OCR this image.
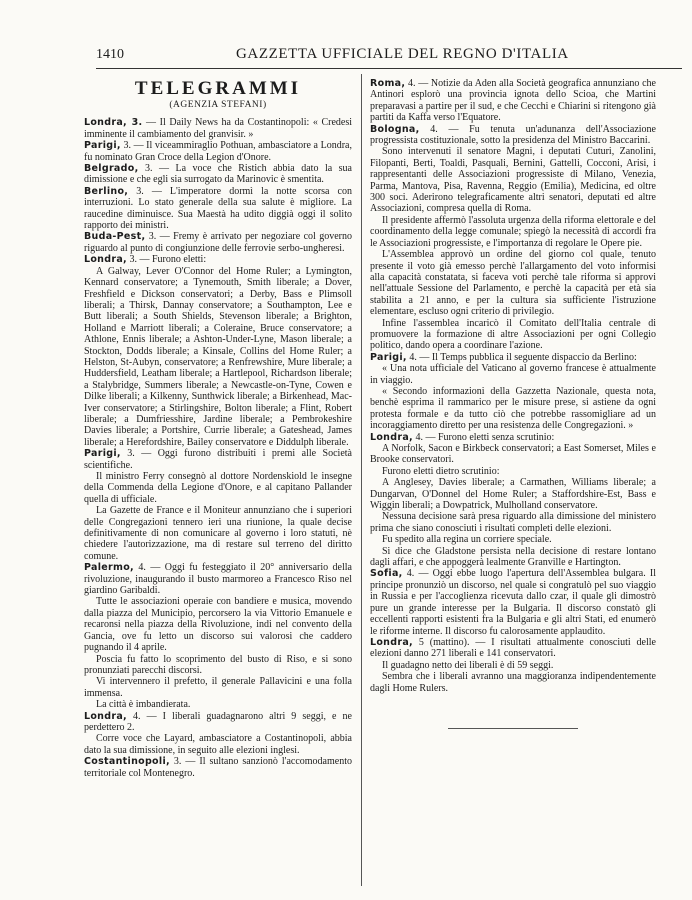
1410	GAZZETTA UFFICIALE DEL REGNO D'ITALIA
TELEGRAMMI
(AGENZIA STEFANI)

Londra, 3. — Il Daily News ha da Costantinopoli: « Credesi imminente il cambiamento del granvisir. »

Parigi, 3. — Il viceammiraglio Pothuan, ambasciatore a Londra, fu nominato Gran Croce della Legion d'Onore.

Belgrado, 3. — La voce che Ristich abbia dato la sua dimissione e che egli sia surrogato da Marinovic è smentita.

Berlino, 3. — L'imperatore dormì la notte scorsa con interruzioni. Lo stato generale della sua salute è migliore. La raucedine diminuisce. Sua Maestà ha udito diggià oggi il solito rapporto dei ministri.

Buda-Pest, 3. — Fremy è arrivato per negoziare col governo riguardo al punto di congiunzione delle ferrovie serbo-ungheresi.

Londra, 3. — Furono eletti:

A Galway, Lever O'Connor del Home Ruler; a Lymington, Kennard conservatore; a Tynemouth, Smith liberale; a Dover, Freshfield e Dickson conservatori; a Derby, Bass e Plimsoll liberali; a Thirsk, Dannay conservatore; a Southampton, Lee e Butt liberali; a South Shields, Stevenson liberale; a Brighton, Holland e Marriott liberali; a Coleraine, Bruce conservatore; a Athlone, Ennis liberale; a Ashton-Under-Lyne, Mason liberale; a Stockton, Dodds liberale; a Kinsale, Collins del Home Ruler; a Helston, St-Aubyn, conservatore; a Renfrewshire, Mure liberale; a Huddersfield, Leatham liberale; a Hartlepool, Richardson liberale; a Stalybridge, Summers liberale; a Newcastle-on-Tyne, Cowen e Dilke liberali; a Kilkenny, Sunthwick liberale; a Birkenhead, Mac-Iver conservatore; a Stirlingshire, Bolton liberale; a Flint, Robert liberale; a Dumfriesshire, Jardine liberale; a Pembrokeshire Davies liberale; a Portshire, Currie liberale; a Gateshead, James liberale; a Herefordshire, Bailey conservatore e Diddulph liberale.

Parigi, 3. — Oggi furono distribuiti i premi alle Società scientifiche.

Il ministro Ferry consegnò al dottore Nordenskiold le insegne della Commenda della Legione d'Onore, e al capitano Pallander quella di ufficiale.

La Gazette de France e il Moniteur annunziano che i superiori delle Congregazioni tennero ieri una riunione, la quale decise definitivamente di non comunicare al governo i loro statuti, nè chiedere l'autorizzazione, ma di restare sul terreno del diritto comune.

Palermo, 4. — Oggi fu festeggiato il 20° anniversario della rivoluzione, inaugurando il busto marmoreo a Francesco Riso nel giardino Garibaldi.

Tutte le associazioni operaie con bandiere e musica, movendo dalla piazza del Municipio, percorsero la via Vittorio Emanuele e recaronsi nella piazza della Rivoluzione, indi nel convento della Gancia, ove fu letto un discorso sui valorosi che caddero pugnando il 4 aprile.

Poscia fu fatto lo scoprimento del busto di Riso, e si sono pronunziati parecchi discorsi.

Vi intervennero il prefetto, il generale Pallavicini e una folla immensa.

La città è imbandierata.

Londra, 4. — I liberali guadagnarono altri 9 seggi, e ne perdettero 2.

Corre voce che Layard, ambasciatore a Costantinopoli, abbia dato la sua dimissione, in seguito alle elezioni inglesi.

Costantinopoli, 3. — Il sultano sanzionò l'accomodamento territoriale col Montenegro.

Roma, 4. — Notizie da Aden alla Società geografica annunziano che Antinori esplorò una provincia ignota dello Scioa, che Martini preparavasi a partire per il sud, e che Cecchi e Chiarini si ritengono già partiti da Kaffa verso l'Equatore.

Bologna, 4. — Fu tenuta un'adunanza dell'Associazione progressista costituzionale, sotto la presidenza del Ministro Baccarini.

Sono intervenuti il senatore Magni, i deputati Cuturi, Zanolini, Filopanti, Berti, Toaldi, Pasquali, Bernini, Gattelli, Cocconi, Arisi, i rappresentanti delle Associazioni progressiste di Milano, Venezia, Parma, Mantova, Pisa, Ravenna, Reggio (Emilia), Medicina, ed oltre 300 soci. Aderirono telegraficamente altri senatori, deputati ed altre Associazioni, compresa quella di Roma.

Il presidente affermò l'assoluta urgenza della riforma elettorale e del coordinamento della legge comunale; spiegò la necessità di accordi fra le Associazioni progressiste, e l'importanza di regolare le Opere pie.

L'Assemblea approvò un ordine del giorno col quale, tenuto presente il voto già emesso perchè l'allargamento del voto informisi alla capacità constatata, si faceva voti perchè tale riforma si approvi nell'attuale Sessione del Parlamento, e perchè la capacità per età sia stabilita a 21 anno, e per la cultura sia sufficiente l'istruzione elementare, escluso ogni criterio di privilegio.

Infine l'assemblea incaricò il Comitato dell'Italia centrale di promuovere la formazione di altre Associazioni per ogni Collegio politico, dando opera a coordinare l'azione.

Parigi, 4. — Il Temps pubblica il seguente dispaccio da Berlino:

« Una nota ufficiale del Vaticano al governo francese è attualmente in viaggio.

« Secondo informazioni della Gazzetta Nazionale, questa nota, benchè esprima il rammarico per le misure prese, si astiene da ogni protesta formale e da tutto ciò che potrebbe rassomigliare ad un incoraggiamento diretto per una resistenza delle Congregazioni. »

Londra, 4. — Furono eletti senza scrutinio:

A Norfolk, Sacon e Birkbeck conservatori; a East Somerset, Miles e Brooke conservatori.

Furono eletti dietro scrutinio:

A Anglesey, Davies liberale; a Carmathen, Williams liberale; a Dungarvan, O'Donnel del Home Ruler; a Staffordshire-Est, Bass e Wiggin liberali; a Dowpatrick, Mulholland conservatore.

Nessuna decisione sarà presa riguardo alla dimissione del ministero prima che siano conosciuti i risultati completi delle elezioni.

Fu spedito alla regina un corriere speciale.

Si dice che Gladstone persista nella decisione di restare lontano dagli affari, e che appoggerà lealmente Granville e Hartington.

Sofia, 4. — Oggi ebbe luogo l'apertura dell'Assemblea bulgara. Il principe pronunziò un discorso, nel quale si congratulò pel suo viaggio in Russia e per l'accoglienza ricevuta dallo czar, il quale gli dimostrò pure un grande interesse per la Bulgaria. Il discorso constatò gli eccellenti rapporti esistenti fra la Bulgaria e gli altri Stati, ed enumerò le riforme interne. Il discorso fu calorosamente applaudito.

Londra, 5 (mattino). — I risultati attualmente conosciuti delle elezioni danno 271 liberali e 141 conservatori.

Il guadagno netto dei liberali è di 59 seggi.

Sembra che i liberali avranno una maggioranza indipendentemente dagli Home Rulers.
